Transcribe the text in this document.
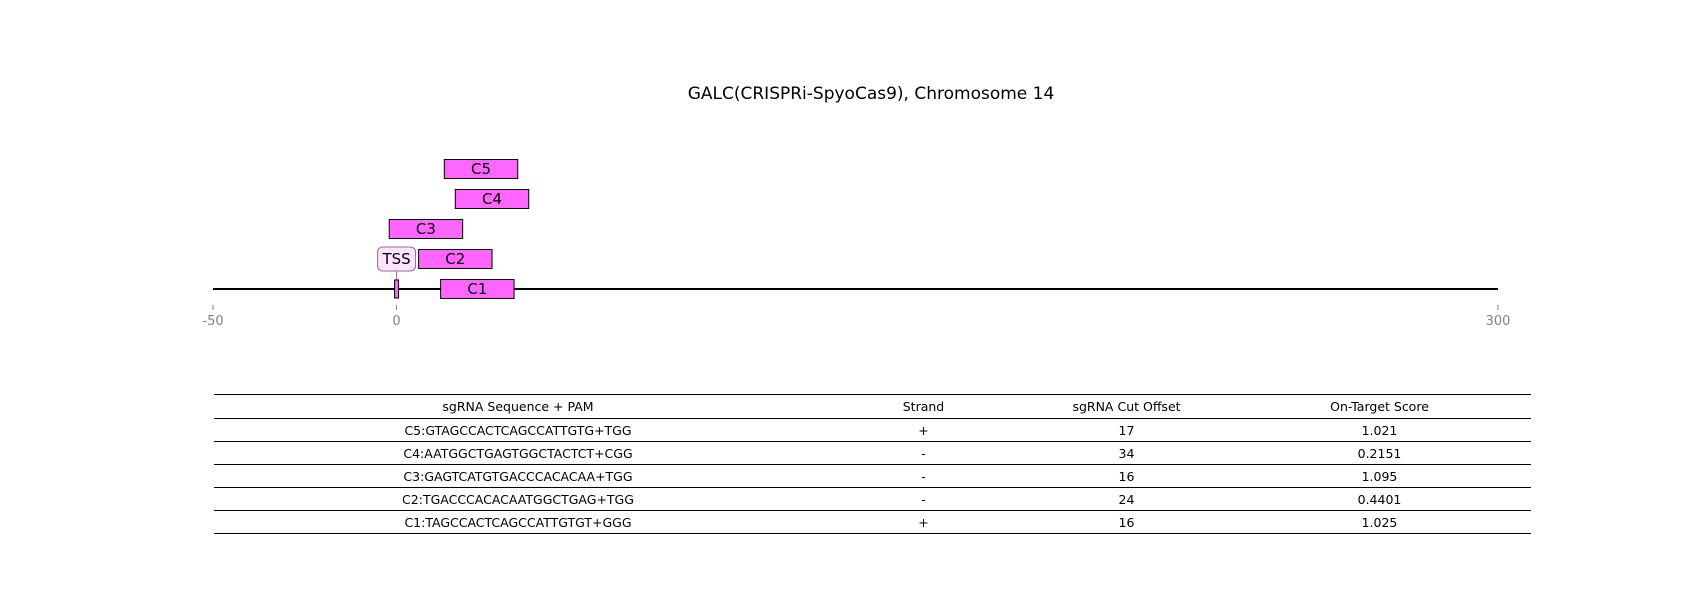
GALC(CRISPRi-SpyoCas9), Chromosome 14
-50	0	300
C1
C2
C3
C4
C5
TSS
sgRNA Sequence + PAM	Strand	sgRNA Cut Offset	On-Target Score
C5:GTAGCCACTCAGCCATTGTG+TGG	+	17	1.021
C4:AATGGCTGAGTGGCTACTCT+CGG	-	34	0.2151
C3:GAGTCATGTGACCCACACAA+TGG	-	16	1.095
C2:TGACCCACACAATGGCTGAG+TGG	-	24	0.4401
C1:TAGCCACTCAGCCATTGTGT+GGG	+	16	1.025
